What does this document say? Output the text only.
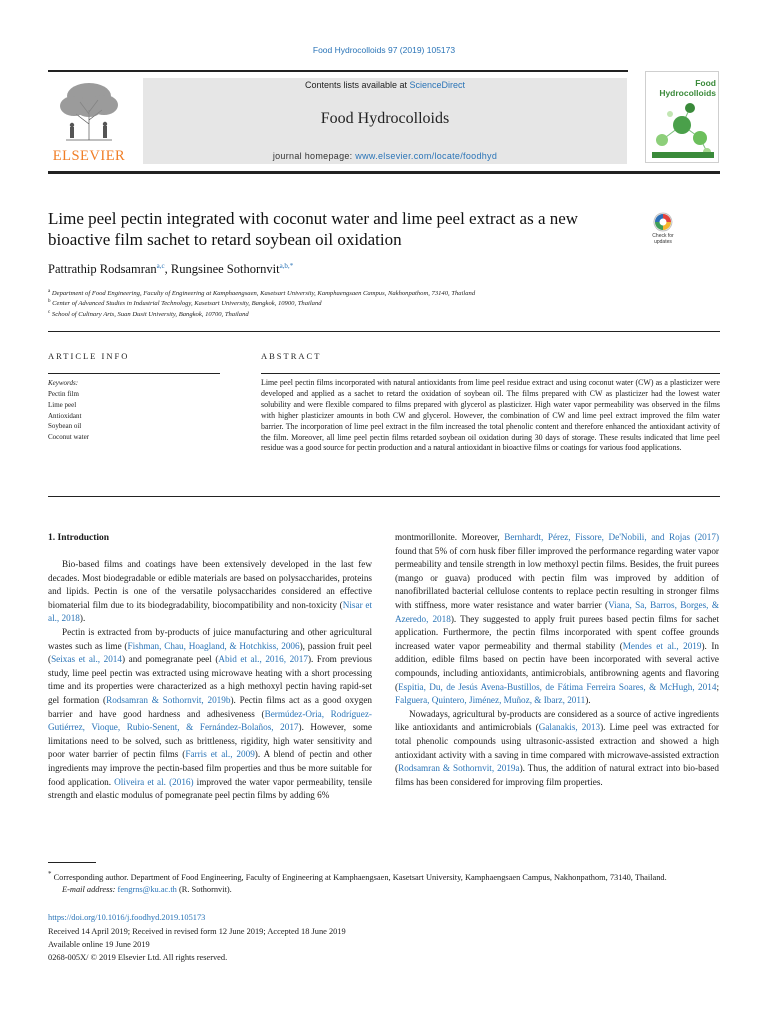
Food Hydrocolloids 97 (2019) 105173
ELSEVIER
Contents lists available at ScienceDirect
Food Hydrocolloids
journal homepage: www.elsevier.com/locate/foodhyd
Food
Hydrocolloids
Lime peel pectin integrated with coconut water and lime peel extract as a new bioactive film sachet to retard soybean oil oxidation	Check for
updates
Pattrathip Rodsamran$^{a,c}$, Rungsinee Sothornvit$^{a,b,*}$
$^a$ Department of Food Engineering, Faculty of Engineering at Kamphaengsaen, Kasetsart University, Kamphaengsaen Campus, Nakhonpathom, 73140, Thailand
$^b$ Center of Advanced Studies in Industrial Technology, Kasetsart University, Bangkok, 10900, Thailand
$^c$ School of Culinary Arts, Suan Dusit University, Bangkok, 10700, Thailand
ARTICLE INFO	ABSTRACT
Keywords:
Pectin film
Lime peel
Antioxidant
Soybean oil
Coconut water
Lime peel pectin films incorporated with natural antioxidants from lime peel residue extract and using coconut water (CW) as a plasticizer were developed and applied as a sachet to retard the oxidation of soybean oil. The films prepared with CW as plasticizer had the lowest water solubility and were flexible compared to films prepared with glycerol as plasticizer. High water vapor permeability was observed in the films with higher plasticizer amounts in both CW and glycerol. However, the combination of CW and lime peel extract improved the film water barrier. The incorporation of lime peel extract in the film increased the total phenolic content and therefore enhanced the antioxidant activity of the film. Moreover, all lime peel pectin films retarded soybean oil oxidation during 30 days of storage. These results indicated that lime peel residue was a good source for pectin production and a natural antioxidant in bioactive films or coatings for various food applications.
1. Introduction

Bio-based films and coatings have been extensively developed in the last few decades. Most biodegradable or edible materials are based on polysaccharides, proteins and lipids. Pectin is one of the versatile polysaccharides considered an effective biomaterial film due to its biodegradability, biocompatibility and non-toxicity (Nisar et al., 2018).

Pectin is extracted from by-products of juice manufacturing and other agricultural wastes such as lime (Fishman, Chau, Hoagland, & Hotchkiss, 2006), passion fruit peel (Seixas et al., 2014) and pomegranate peel (Abid et al., 2016, 2017). From previous study, lime peel pectin was extracted using microwave heating with a short processing time and its properties were characterized as a high methoxyl pectin having rapid-set gel formation (Rodsamran & Sothornvit, 2019b). Pectin films act as a good oxygen barrier and have good hardness and adhesiveness (Bermúdez-Oria, Rodríguez-Gutiérrez, Vioque, Rubio-Senent, & Fernández-Bolaños, 2017). However, some limitations need to be solved, such as brittleness, rigidity, high water sensitivity and poor water barrier of pectin films (Farris et al., 2009). A blend of pectin and other ingredients may improve the pectin-based film properties and thus be more suitable for food application. Oliveira et al. (2016) improved the water vapor permeability, tensile strength and elastic modulus of pomegranate peel pectin films by adding 6%

montmorillonite. Moreover, Bernhardt, Pérez, Fissore, De'Nobili, and Rojas (2017) found that 5% of corn husk fiber filler improved the performance regarding water vapor permeability and tensile strength in low methoxyl pectin films. Besides, the fruit purees (mango or guava) produced with pectin film was improved by addition of nanofibrillated bacterial cellulose contents to replace pectin resulting in stronger films with stiffness, more water resistance and water barrier (Viana, Sa, Barros, Borges, & Azeredo, 2018). They suggested to apply fruit purees based pectin films for sachet application. Furthermore, the pectin films incorporated with spent coffee grounds increased water vapor permeability and thermal stability (Mendes et al., 2019). In addition, edible films based on pectin have been incorporated with several active compounds, including antioxidants, antimicrobials, antibrowning agents and flavoring (Espitia, Du, de Jesús Avena-Bustillos, de Fátima Ferreira Soares, & McHugh, 2014; Falguera, Quintero, Jiménez, Muñoz, & Ibarz, 2011).

Nowadays, agricultural by-products are considered as a source of active ingredients like antioxidants and antimicrobials (Galanakis, 2013). Lime peel was extracted for total phenolic compounds using ultrasonic-assisted extraction and showed a high antioxidant activity with a saving in time compared with microwave-assisted extraction (Rodsamran & Sothornvit, 2019a). Thus, the addition of natural extract into bio-based films has been considered for improving film properties.

* Corresponding author. Department of Food Engineering, Faculty of Engineering at Kamphaengsaen, Kasetsart University, Kamphaengsaen Campus, Nakhonpathom, 73140, Thailand.
E-mail address: fengrns@ku.ac.th (R. Sothornvit).
https://doi.org/10.1016/j.foodhyd.2019.105173
Received 14 April 2019; Received in revised form 12 June 2019; Accepted 18 June 2019
Available online 19 June 2019
0268-005X/ © 2019 Elsevier Ltd. All rights reserved.
